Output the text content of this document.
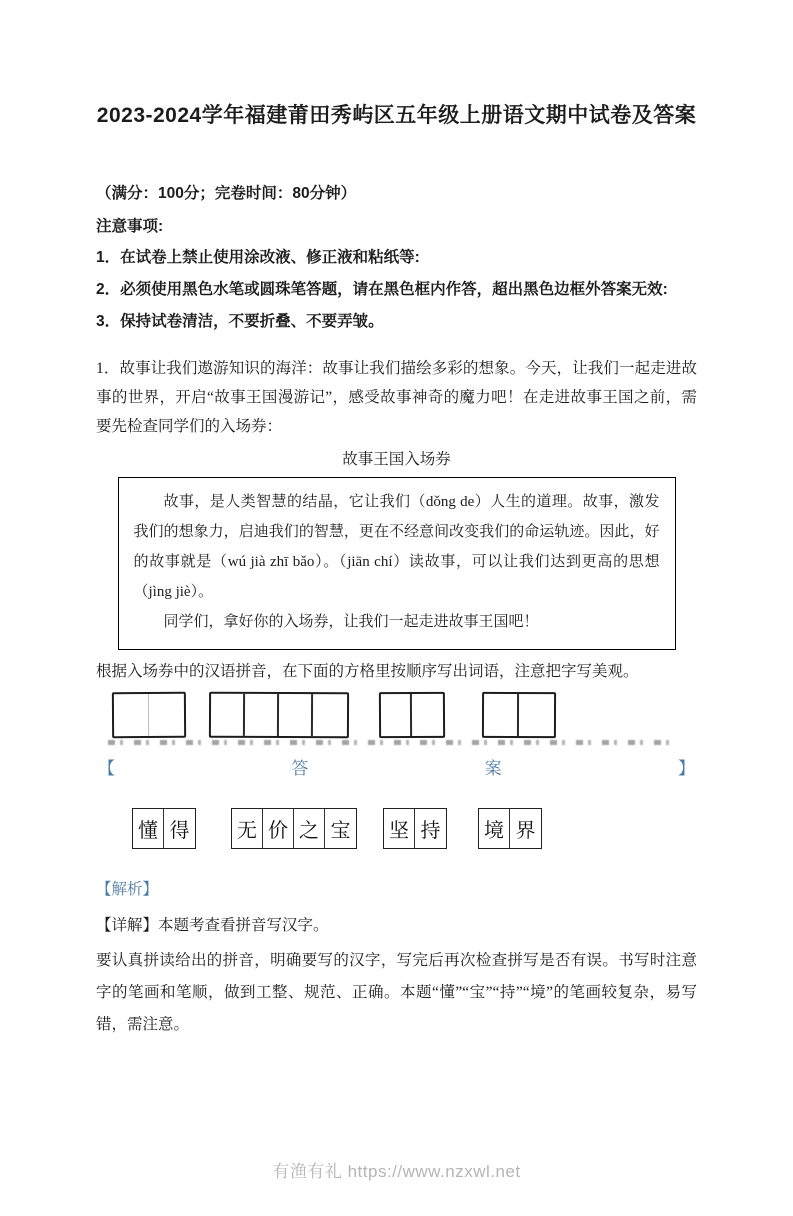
2023-2024学年福建莆田秀屿区五年级上册语文期中试卷及答案

（满分：100分；完卷时间：80分钟）

注意事项:

1．在试卷上禁止使用涂改液、修正液和粘纸等:

2．必须使用黑色水笔或圆珠笔答题，请在黑色框内作答，超出黑色边框外答案无效:

3．保持试卷清洁，不要折叠、不要弄皱。

1．故事让我们遨游知识的海洋：故事让我们描绘多彩的想象。今天，让我们一起走进故事的世界，开启“故事王国漫游记”，感受故事神奇的魔力吧！在走进故事王国之前，需要先检查同学们的入场券：

故事王国入场券

故事，是人类智慧的结晶，它让我们（dǒng de）人生的道理。故事，激发我们的想象力，启迪我们的智慧，更在不经意间改变我们的命运轨迹。因此，好的故事就是（wú jià zhī bǎo）。（jiān chí）读故事，可以让我们达到更高的思想（jìng jiè）。

同学们，拿好你的入场券，让我们一起走进故事王国吧！

根据入场券中的汉语拼音，在下面的方格里按顺序写出词语，注意把字写美观。

【	答	案	】
懂 得 无 价 之 宝 坚 持 境 界

【解析】

【详解】本题考查看拼音写汉字。

要认真拼读给出的拼音，明确要写的汉字，写完后再次检查拼写是否有误。书写时注意字的笔画和笔顺，做到工整、规范、正确。本题“懂”“宝”“持”“境”的笔画较复杂，易写错，需注意。

有渔有礼 https://www.nzxwl.net
